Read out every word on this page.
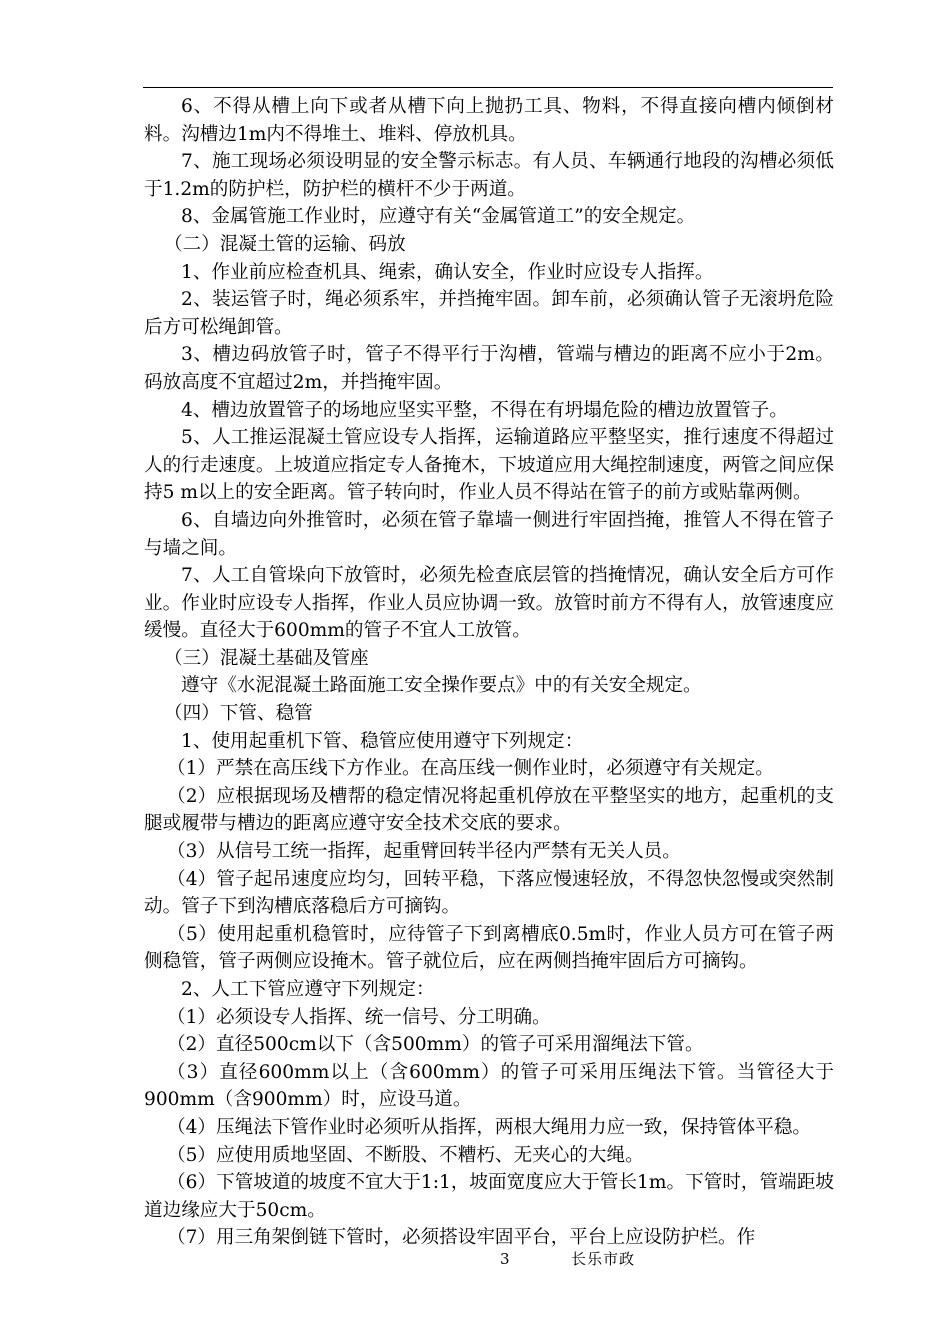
6、不得从槽上向下或者从槽下向上抛扔工具、物料，不得直接向槽内倾倒材料。沟槽边1m内不得堆土、堆料、停放机具。

7、施工现场必须设明显的安全警示标志。有人员、车辆通行地段的沟槽必须低于1.2m的防护栏，防护栏的横杆不少于两道。

8、金属管施工作业时，应遵守有关“金属管道工”的安全规定。

（二）混凝土管的运输、码放

1、作业前应检查机具、绳索，确认安全，作业时应设专人指挥。

2、装运管子时，绳必须系牢，并挡掩牢固。卸车前，必须确认管子无滚坍危险后方可松绳卸管。

3、槽边码放管子时，管子不得平行于沟槽，管端与槽边的距离不应小于2m。码放高度不宜超过2m，并挡掩牢固。

4、槽边放置管子的场地应坚实平整，不得在有坍塌危险的槽边放置管子。

5、人工推运混凝土管应设专人指挥，运输道路应平整坚实，推行速度不得超过人的行走速度。上坡道应指定专人备掩木，下坡道应用大绳控制速度，两管之间应保持5 m以上的安全距离。管子转向时，作业人员不得站在管子的前方或贴靠两侧。

6、自墙边向外推管时，必须在管子靠墙一侧进行牢固挡掩，推管人不得在管子与墙之间。

7、人工自管垛向下放管时，必须先检查底层管的挡掩情况，确认安全后方可作业。作业时应设专人指挥，作业人员应协调一致。放管时前方不得有人，放管速度应缓慢。直径大于600mm的管子不宜人工放管。

（三）混凝土基础及管座

遵守《水泥混凝土路面施工安全操作要点》中的有关安全规定。

（四）下管、稳管

1、使用起重机下管、稳管应使用遵守下列规定：

（1）严禁在高压线下方作业。在高压线一侧作业时，必须遵守有关规定。

（2）应根据现场及槽帮的稳定情况将起重机停放在平整坚实的地方，起重机的支腿或履带与槽边的距离应遵守安全技术交底的要求。

（3）从信号工统一指挥，起重臂回转半径内严禁有无关人员。

（4）管子起吊速度应均匀，回转平稳，下落应慢速轻放，不得忽快忽慢或突然制动。管子下到沟槽底落稳后方可摘钩。

（5）使用起重机稳管时，应待管子下到离槽底0.5m时，作业人员方可在管子两侧稳管，管子两侧应设掩木。管子就位后，应在两侧挡掩牢固后方可摘钩。

2、人工下管应遵守下列规定：

（1）必须设专人指挥、统一信号、分工明确。

（2）直径500cm以下（含500mm）的管子可采用溜绳法下管。

（3）直径600mm以上（含600mm）的管子可采用压绳法下管。当管径大于900mm（含900mm）时，应设马道。

（4）压绳法下管作业时必须听从指挥，两根大绳用力应一致，保持管体平稳。

（5）应使用质地坚固、不断股、不糟朽、无夹心的大绳。

（6）下管坡道的坡度不宜大于1:1，坡面宽度应大于管长1m。下管时，管端距坡道边缘应大于50cm。

（7）用三角架倒链下管时，必须搭设牢固平台，平台上应设防护栏。作

3	长乐市政
